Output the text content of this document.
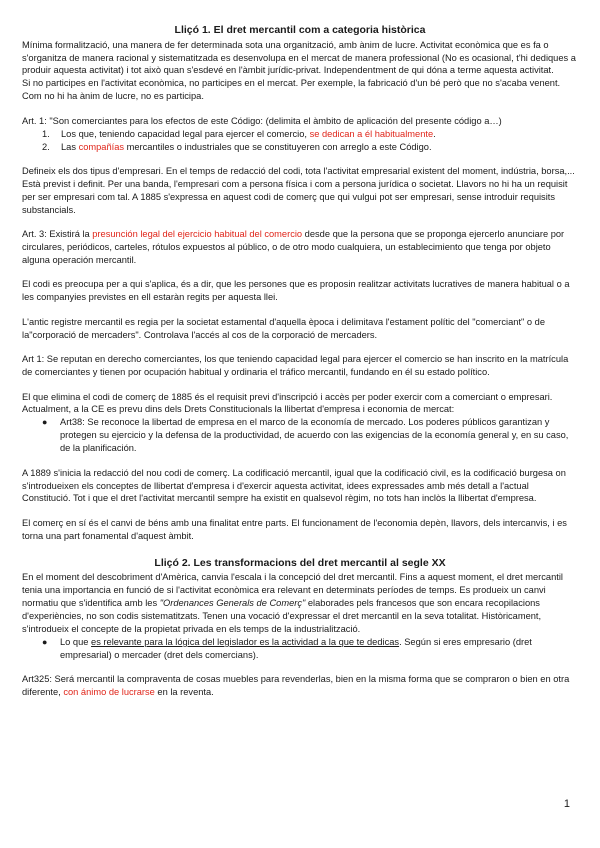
Lliçó 1. El dret mercantil com a categoria històrica

Mínima formalització, una manera de fer determinada sota una organització, amb ànim de lucre. Activitat econòmica que es fa o s'organitza de manera racional y sistematitzada es desenvolupa en el mercat de manera professional (No es ocasional, t'hi dediques a produir aquesta activitat) i tot això quan s'esdevé en l'àmbit jurídic-privat. Independentment de qui dóna a terme aquesta activitat.

Si no participes en l'activitat econòmica, no participes en el mercat. Per exemple, la fabricació d'un bé però que no s'acaba venent. Com no hi ha ànim de lucre, no es participa.

Art. 1: "Son comerciantes para los efectos de este Código: (delimita el àmbito de aplicación del presente código a…)

1. Los que, teniendo capacidad legal para ejercer el comercio, se dedican a él habitualmente.
2. Las compañías mercantiles o industriales que se constituyeren con arreglo a este Código.

Defineix els dos tipus d'empresari. En el temps de redacció del codi, tota l'activitat empresarial existent del moment, indústria, borsa,... Està previst i definit. Per una banda, l'empresari com a persona física i com a persona jurídica o societat. Llavors no hi ha un requisit per ser empresari com tal. A 1885 s'expressa en aquest codi de comerç que qui vulgui pot ser empresari, sense introduir requisits substancials.

Art. 3: Existirá la presunción legal del ejercicio habitual del comercio desde que la persona que se proponga ejercerlo anunciare por circulares, periódicos, carteles, rótulos expuestos al público, o de otro modo cualquiera, un establecimiento que tenga por objeto alguna operación mercantil.

El codi es preocupa per a qui s'aplica, és a dir, que les persones que es proposin realitzar activitats lucratives de manera habitual o a les companyies previstes en ell estaràn regits per aquesta llei.

L'antic registre mercantil es regia per la societat estamental d'aquella època i delimitava l'estament polític del "comerciant" o de la"corporació de mercaders". Controlava l'accés al cos de la corporació de mercaders.

Art 1: Se reputan en derecho comerciantes, los que teniendo capacidad legal para ejercer el comercio se han inscrito en la matrícula de comerciantes y tienen por ocupación habitual y ordinaria el tráfico mercantil, fundando en él su estado político.

El que elimina el codi de comerç de 1885 és el requisit previ d'inscripció i accès per poder exercir com a comerciant o empresari. Actualment, a la CE es prevu dins dels Drets Constitucionals la llibertat d'empresa i economia de mercat:

● Art38: Se reconoce la libertad de empresa en el marco de la economía de mercado. Los poderes públicos garantizan y protegen su ejercicio y la defensa de la productividad, de acuerdo con las exigencias de la economía general y, en su caso, de la planificación.

A 1889 s'inicia la redacció del nou codi de comerç. La codificació mercantil, igual que la codificació civil, es la codificació burgesa on s'introdueixen els conceptes de llibertat d'empresa i d'exercir aquesta activitat, idees expressades amb més detall a l'actual Constitució. Tot i que el dret l'activitat mercantil sempre ha existit en qualsevol règim, no tots han inclòs la llibertat d'empresa.

El comerç en sí és el canvi de béns amb una finalitat entre parts. El funcionament de l'economia depèn, llavors, dels intercanvis, i es torna una part fonamental d'aquest àmbit.

Lliçó 2. Les transformacions del dret mercantil al segle XX

En el moment del descobriment d'Amèrica, canvia l'escala i la concepció del dret mercantil. Fins a aquest moment, el dret mercantil tenia una importancia en funció de si l'activitat econòmica era relevant en determinats períodes de temps. Es produeix un canvi normatiu que s'identifica amb les "Ordenances Generals de Comerç" elaborades pels francesos que son encara recopilacions d'experiències, no son codis sistematitzats. Tenen una vocació d'expressar el dret mercantil en la seva totalitat. Històricament, s'introdueix el concepte de la propietat privada en els temps de la industrialització.

● Lo que es relevante para la lógica del legislador es la actividad a la que te dedicas. Según si eres empresario (dret empresarial) o mercader (dret dels comercians).

Art325: Será mercantil la compraventa de cosas muebles para revenderlas, bien en la misma forma que se compraron o bien en otra diferente, con ánimo de lucrarse en la reventa.

1
